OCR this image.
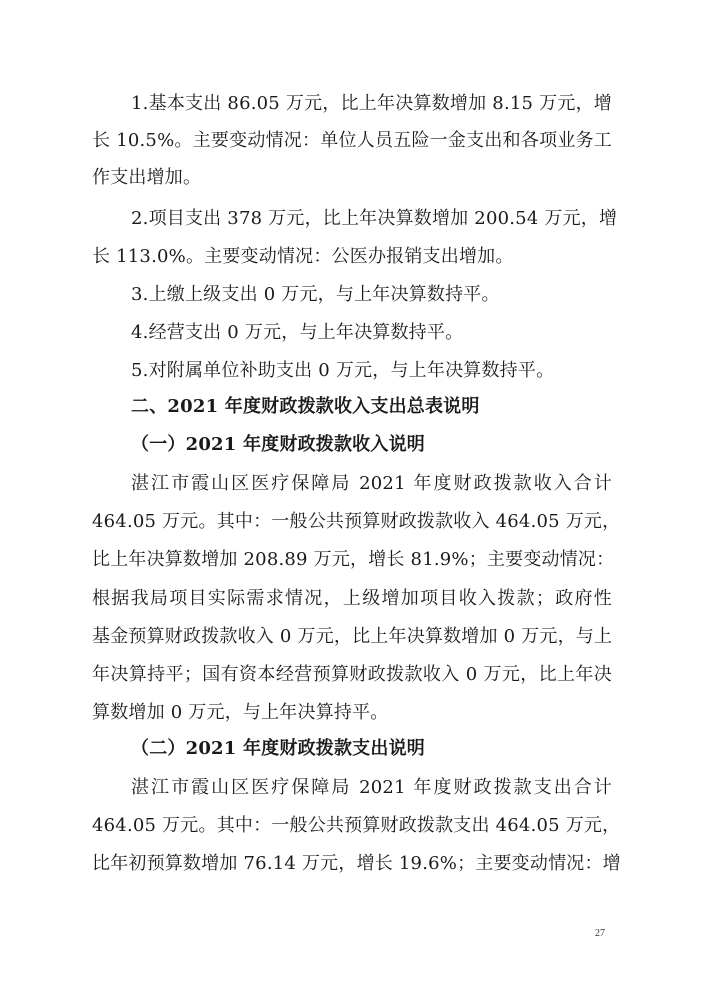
1.基本支出 86.05 万元，比上年决算数增加 8.15 万元，增
长 10.5%。主要变动情况：单位人员五险一金支出和各项业务工
作支出增加。
2.项目支出 378 万元，比上年决算数增加 200.54 万元，增
长 113.0%。主要变动情况：公医办报销支出增加。
3.上缴上级支出 0 万元，与上年决算数持平。
4.经营支出 0 万元，与上年决算数持平。
5.对附属单位补助支出 0 万元，与上年决算数持平。
二、2021 年度财政拨款收入支出总表说明
（一）2021 年度财政拨款收入说明
湛江市霞山区医疗保障局 2021 年度财政拨款收入合计
464.05 万元。其中：一般公共预算财政拨款收入 464.05 万元，
比上年决算数增加 208.89 万元，增长 81.9%；主要变动情况：
根据我局项目实际需求情况，上级增加项目收入拨款；政府性
基金预算财政拨款收入 0 万元，比上年决算数增加 0 万元，与上
年决算持平；国有资本经营预算财政拨款收入 0 万元，比上年决
算数增加 0 万元，与上年决算持平。
（二）2021 年度财政拨款支出说明
湛江市霞山区医疗保障局 2021 年度财政拨款支出合计
464.05 万元。其中：一般公共预算财政拨款支出 464.05 万元，
比年初预算数增加 76.14 万元，增长 19.6%；主要变动情况：增
27
